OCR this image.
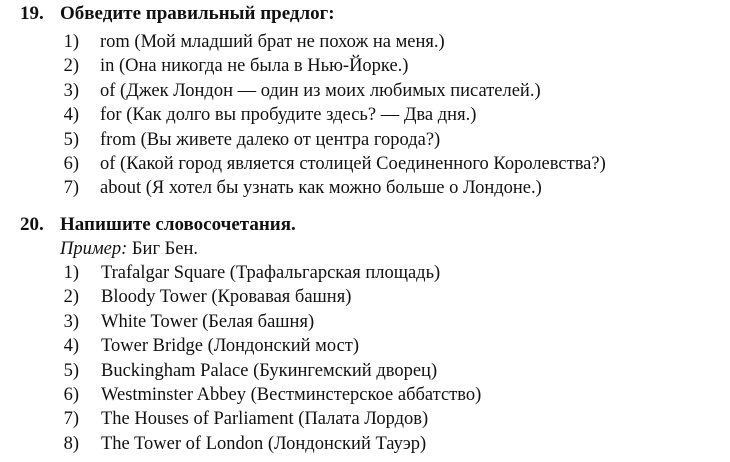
19. Обведите правильный предлог:
1) rom (Мой младший брат не похож на меня.)
2) in (Она никогда не была в Нью-Йорке.)
3) of (Джек Лондон — один из моих любимых писателей.)
4) for (Как долго вы пробудите здесь? — Два дня.)
5) from (Вы живете далеко от центра города?)
6) of (Какой город является столицей Соединенного Королевства?)
7) about (Я хотел бы узнать как можно больше о Лондоне.)
20. Напишите словосочетания.
Пример: Биг Бен.
1) Trafalgar Square (Трафальгарская площадь)
2) Bloody Tower (Кровавая башня)
3) White Tower (Белая башня)
4) Tower Bridge (Лондонский мост)
5) Buckingham Palace (Букингемский дворец)
6) Westminster Abbey (Вестминстерское аббатство)
7) The Houses of Parliament (Палата Лордов)
8) The Tower of London (Лондонский Тауэр)
